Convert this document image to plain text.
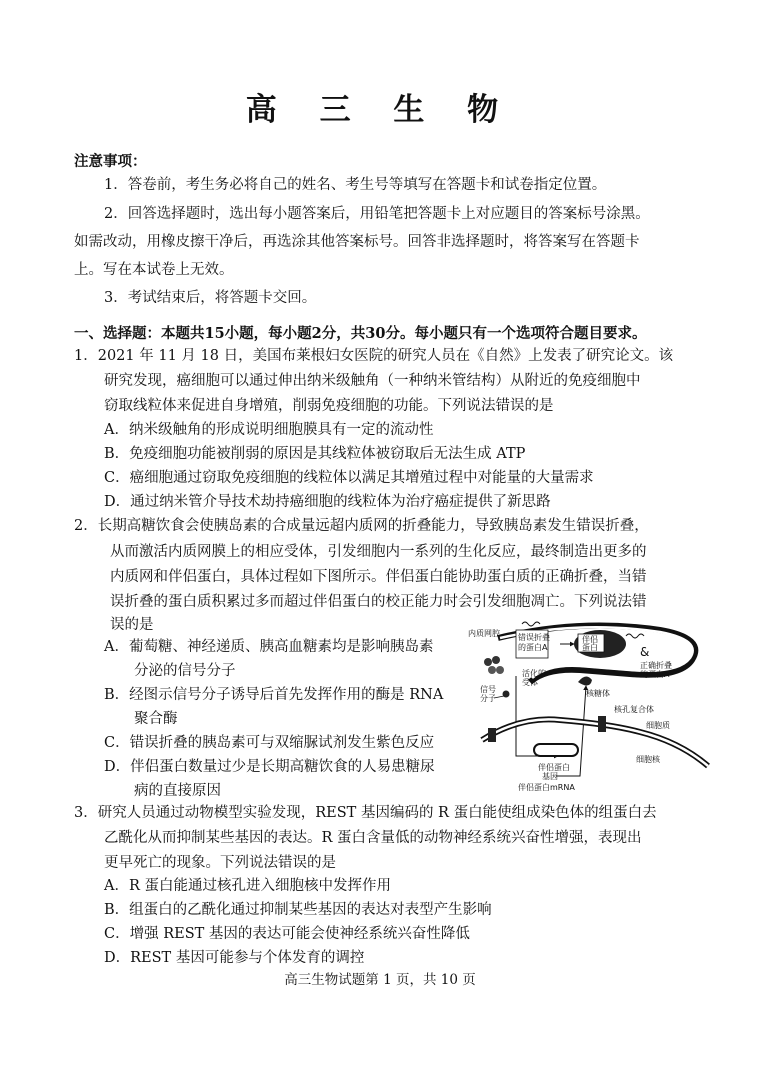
高 三 生 物
注意事项：
1．答卷前，考生务必将自己的姓名、考生号等填写在答题卡和试卷指定位置。
2．回答选择题时，选出每小题答案后，用铅笔把答题卡上对应题目的答案标号涂黑。
如需改动，用橡皮擦干净后，再选涂其他答案标号。回答非选择题时，将答案写在答题卡
上。写在本试卷上无效。
3．考试结束后，将答题卡交回。
一、选择题：本题共15小题，每小题2分，共30分。每小题只有一个选项符合题目要求。
1．2021 年 11 月 18 日，美国布莱根妇女医院的研究人员在《自然》上发表了研究论文。该
研究发现，癌细胞可以通过伸出纳米级触角（一种纳米管结构）从附近的免疫细胞中
窃取线粒体来促进自身增殖，削弱免疫细胞的功能。下列说法错误的是
A．纳米级触角的形成说明细胞膜具有一定的流动性
B．免疫细胞功能被削弱的原因是其线粒体被窃取后无法生成 ATP
C．癌细胞通过窃取免疫细胞的线粒体以满足其增殖过程中对能量的大量需求
D．通过纳米管介导技术劫持癌细胞的线粒体为治疗癌症提供了新思路
2．长期高糖饮食会使胰岛素的合成量远超内质网的折叠能力，导致胰岛素发生错误折叠，
从而激活内质网膜上的相应受体，引发细胞内一系列的生化反应，最终制造出更多的
内质网和伴侣蛋白，具体过程如下图所示。伴侣蛋白能协助蛋白质的正确折叠，当错
误折叠的蛋白质积累过多而超过伴侣蛋白的校正能力时会引发细胞凋亡。下列说法错
误的是
A．葡萄糖、神经递质、胰高血糖素均是影响胰岛素
分泌的信号分子
B．经图示信号分子诱导后首先发挥作用的酶是 RNA
聚合酶
C．错误折叠的胰岛素可与双缩脲试剂发生紫色反应
D．伴侣蛋白数量过少是长期高糖饮食的人易患糖尿
病的直接原因
内质网腔 错误折叠
的蛋白A
伴侣
蛋白	&
正确折叠
的蛋白A
活化的
受体
核糖体
信号
分子
核孔复合体
细胞质
伴侣蛋白
基因
细胞核
伴侣蛋白mRNA
3．研究人员通过动物模型实验发现，REST 基因编码的 R 蛋白能使组成染色体的组蛋白去
乙酰化从而抑制某些基因的表达。R 蛋白含量低的动物神经系统兴奋性增强，表现出
更早死亡的现象。下列说法错误的是
A．R 蛋白能通过核孔进入细胞核中发挥作用
B．组蛋白的乙酰化通过抑制某些基因的表达对表型产生影响
C．增强 REST 基因的表达可能会使神经系统兴奋性降低
D．REST 基因可能参与个体发育的调控
高三生物试题第 1 页，共 10 页
